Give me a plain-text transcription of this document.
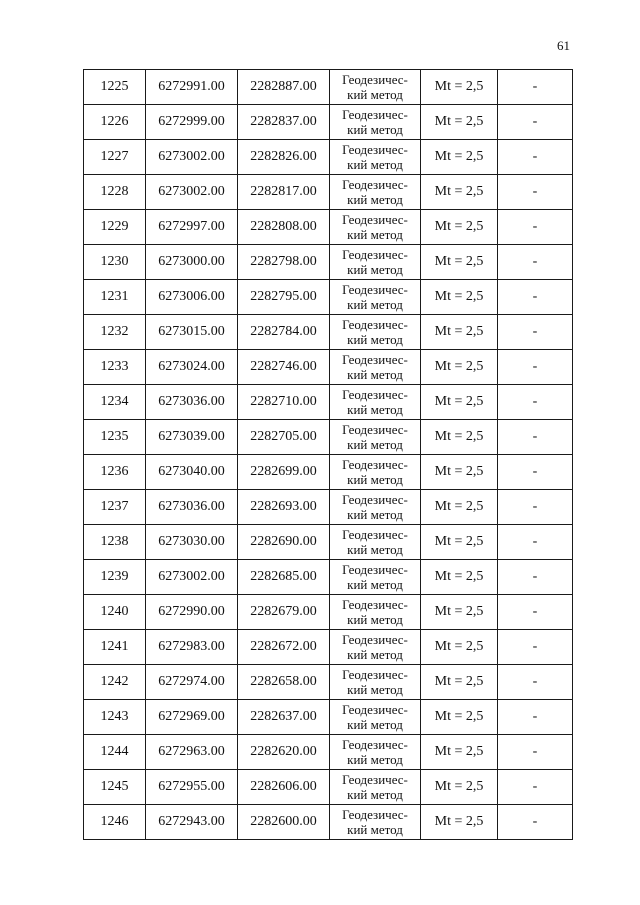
61
1225	6272991.00	2282887.00	Геодезичес-
кий метод	Mt = 2,5	-
1226	6272999.00	2282837.00	Геодезичес-
кий метод	Mt = 2,5	-
1227	6273002.00	2282826.00	Геодезичес-
кий метод	Mt = 2,5	-
1228	6273002.00	2282817.00	Геодезичес-
кий метод	Mt = 2,5	-
1229	6272997.00	2282808.00	Геодезичес-
кий метод	Mt = 2,5	-
1230	6273000.00	2282798.00	Геодезичес-
кий метод	Mt = 2,5	-
1231	6273006.00	2282795.00	Геодезичес-
кий метод	Mt = 2,5	-
1232	6273015.00	2282784.00	Геодезичес-
кий метод	Mt = 2,5	-
1233	6273024.00	2282746.00	Геодезичес-
кий метод	Mt = 2,5	-
1234	6273036.00	2282710.00	Геодезичес-
кий метод	Mt = 2,5	-
1235	6273039.00	2282705.00	Геодезичес-
кий метод	Mt = 2,5	-
1236	6273040.00	2282699.00	Геодезичес-
кий метод	Mt = 2,5	-
1237	6273036.00	2282693.00	Геодезичес-
кий метод	Mt = 2,5	-
1238	6273030.00	2282690.00	Геодезичес-
кий метод	Mt = 2,5	-
1239	6273002.00	2282685.00	Геодезичес-
кий метод	Mt = 2,5	-
1240	6272990.00	2282679.00	Геодезичес-
кий метод	Mt = 2,5	-
1241	6272983.00	2282672.00	Геодезичес-
кий метод	Mt = 2,5	-
1242	6272974.00	2282658.00	Геодезичес-
кий метод	Mt = 2,5	-
1243	6272969.00	2282637.00	Геодезичес-
кий метод	Mt = 2,5	-
1244	6272963.00	2282620.00	Геодезичес-
кий метод	Mt = 2,5	-
1245	6272955.00	2282606.00	Геодезичес-
кий метод	Mt = 2,5	-
1246	6272943.00	2282600.00	Геодезичес-
кий метод	Mt = 2,5	-
